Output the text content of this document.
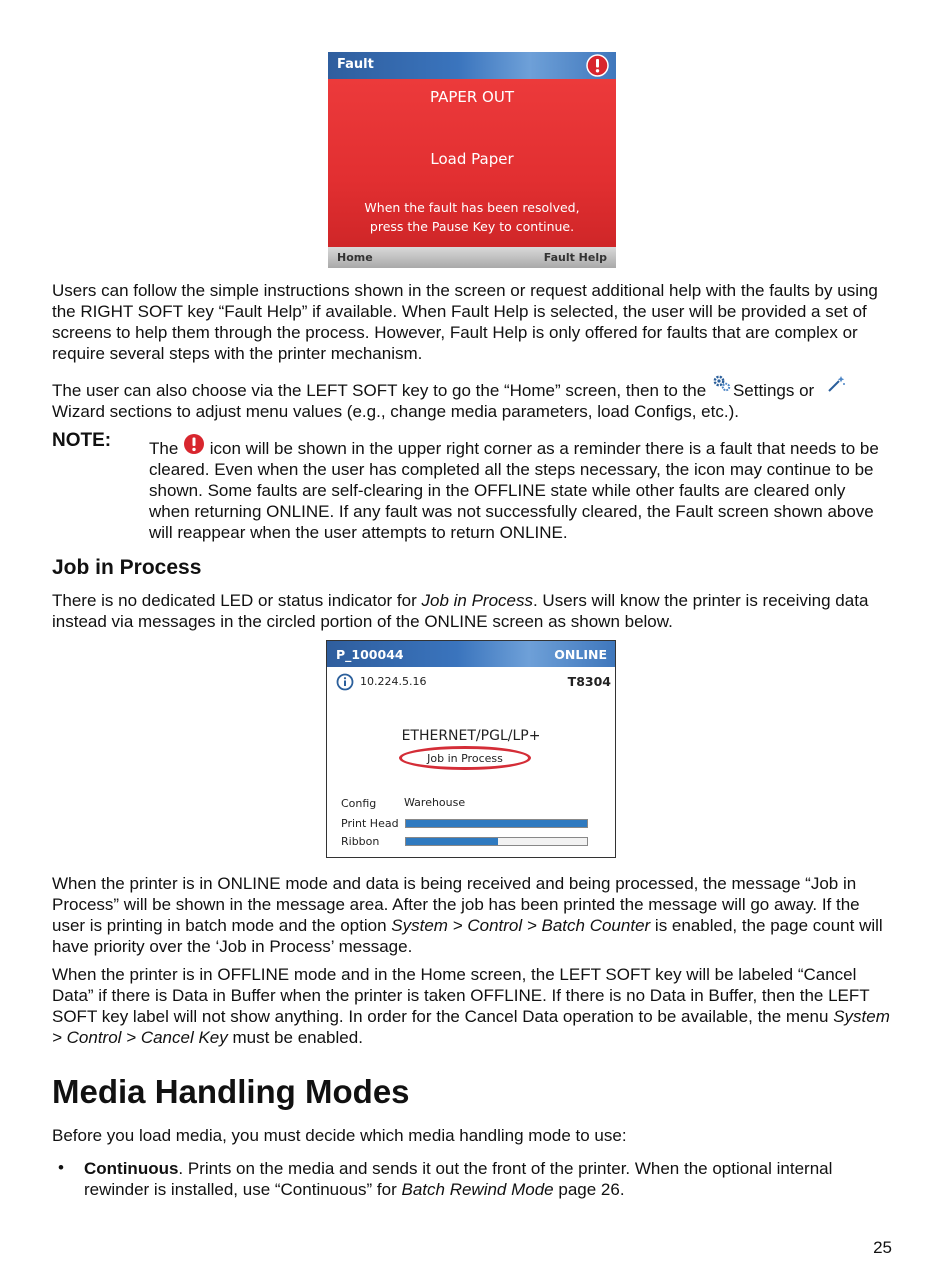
Fault
PAPER OUT
Load Paper
When the fault has been resolved,
press the Pause Key to continue.
Home	Fault Help

Users can follow the simple instructions shown in the screen or request additional help with the faults by using the RIGHT SOFT key “Fault Help” if available. When Fault Help is selected, the user will be provided a set of screens to help them through the process. However, Fault Help is only offered for faults that are complex or require several steps with the printer mechanism.

The user can also choose via the LEFT SOFT key to go the “Home” screen, then to the Settings or  Wizard sections to adjust menu values (e.g., change media parameters, load Configs, etc.).

NOTE: The icon will be shown in the upper right corner as a reminder there is a fault that needs to be cleared. Even when the user has completed all the steps necessary, the icon may continue to be shown. Some faults are self-clearing in the OFFLINE state while other faults are cleared only when returning ONLINE. If any fault was not successfully cleared, the Fault screen shown above will reappear when the user attempts to return ONLINE.

Job in Process

There is no dedicated LED or status indicator for Job in Process. Users will know the printer is receiving data instead via messages in the circled portion of the ONLINE screen as shown below.

P_100044	ONLINE
10.224.5.16	T8304
ETHERNET/PGL/LP+
Job in Process
Config	Warehouse
Print Head
Ribbon

When the printer is in ONLINE mode and data is being received and being processed, the message “Job in Process” will be shown in the message area. After the job has been printed the message will go away. If the user is printing in batch mode and the option System > Control > Batch Counter is enabled, the page count will have priority over the ‘Job in Process’ message.

When the printer is in OFFLINE mode and in the Home screen, the LEFT SOFT key will be labeled “Cancel Data” if there is Data in Buffer when the printer is taken OFFLINE. If there is no Data in Buffer, then the LEFT SOFT key label will not show anything. In order for the Cancel Data operation to be available, the menu System > Control > Cancel Key must be enabled.

Media Handling Modes

Before you load media, you must decide which media handling mode to use:

• Continuous. Prints on the media and sends it out the front of the printer. When the optional internal rewinder is installed, use “Continuous” for Batch Rewind Mode page 26.

25
